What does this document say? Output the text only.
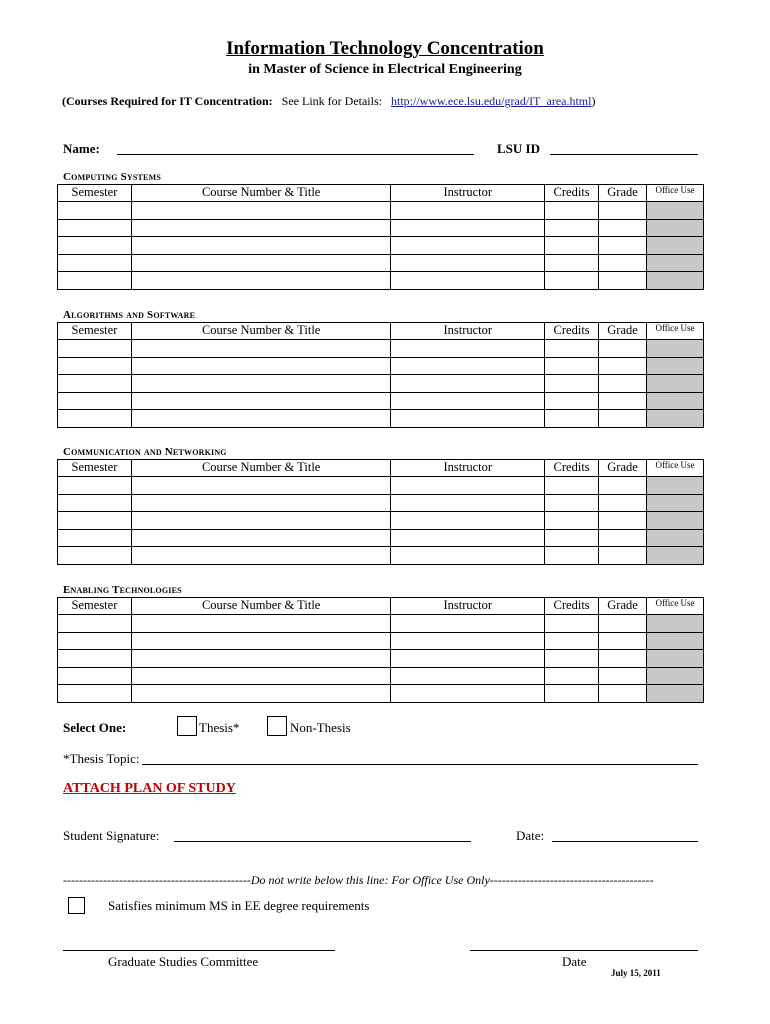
Information Technology Concentration
in Master of Science in Electrical Engineering
(Courses Required for IT Concentration: See Link for Details: http://www.ece.lsu.edu/grad/IT_area.html)
Name:	LSU ID
Computing Systems
Semester	Course Number & Title	Instructor	Credits	Grade	Office Use

Algorithms and Software
Semester	Course Number & Title	Instructor	Credits	Grade	Office Use

Communication and Networking
Semester	Course Number & Title	Instructor	Credits	Grade	Office Use

Enabling Technologies
Semester	Course Number & Title	Instructor	Credits	Grade	Office Use

Select One:	Thesis*	Non-Thesis
*Thesis Topic:
ATTACH PLAN OF STUDY
Student Signature:	Date:
-----------------------------------------------Do not write below this line: For Office Use Only-----------------------------------------
Satisfies minimum MS in EE degree requirements
Graduate Studies Committee	Date
July 15, 2011
